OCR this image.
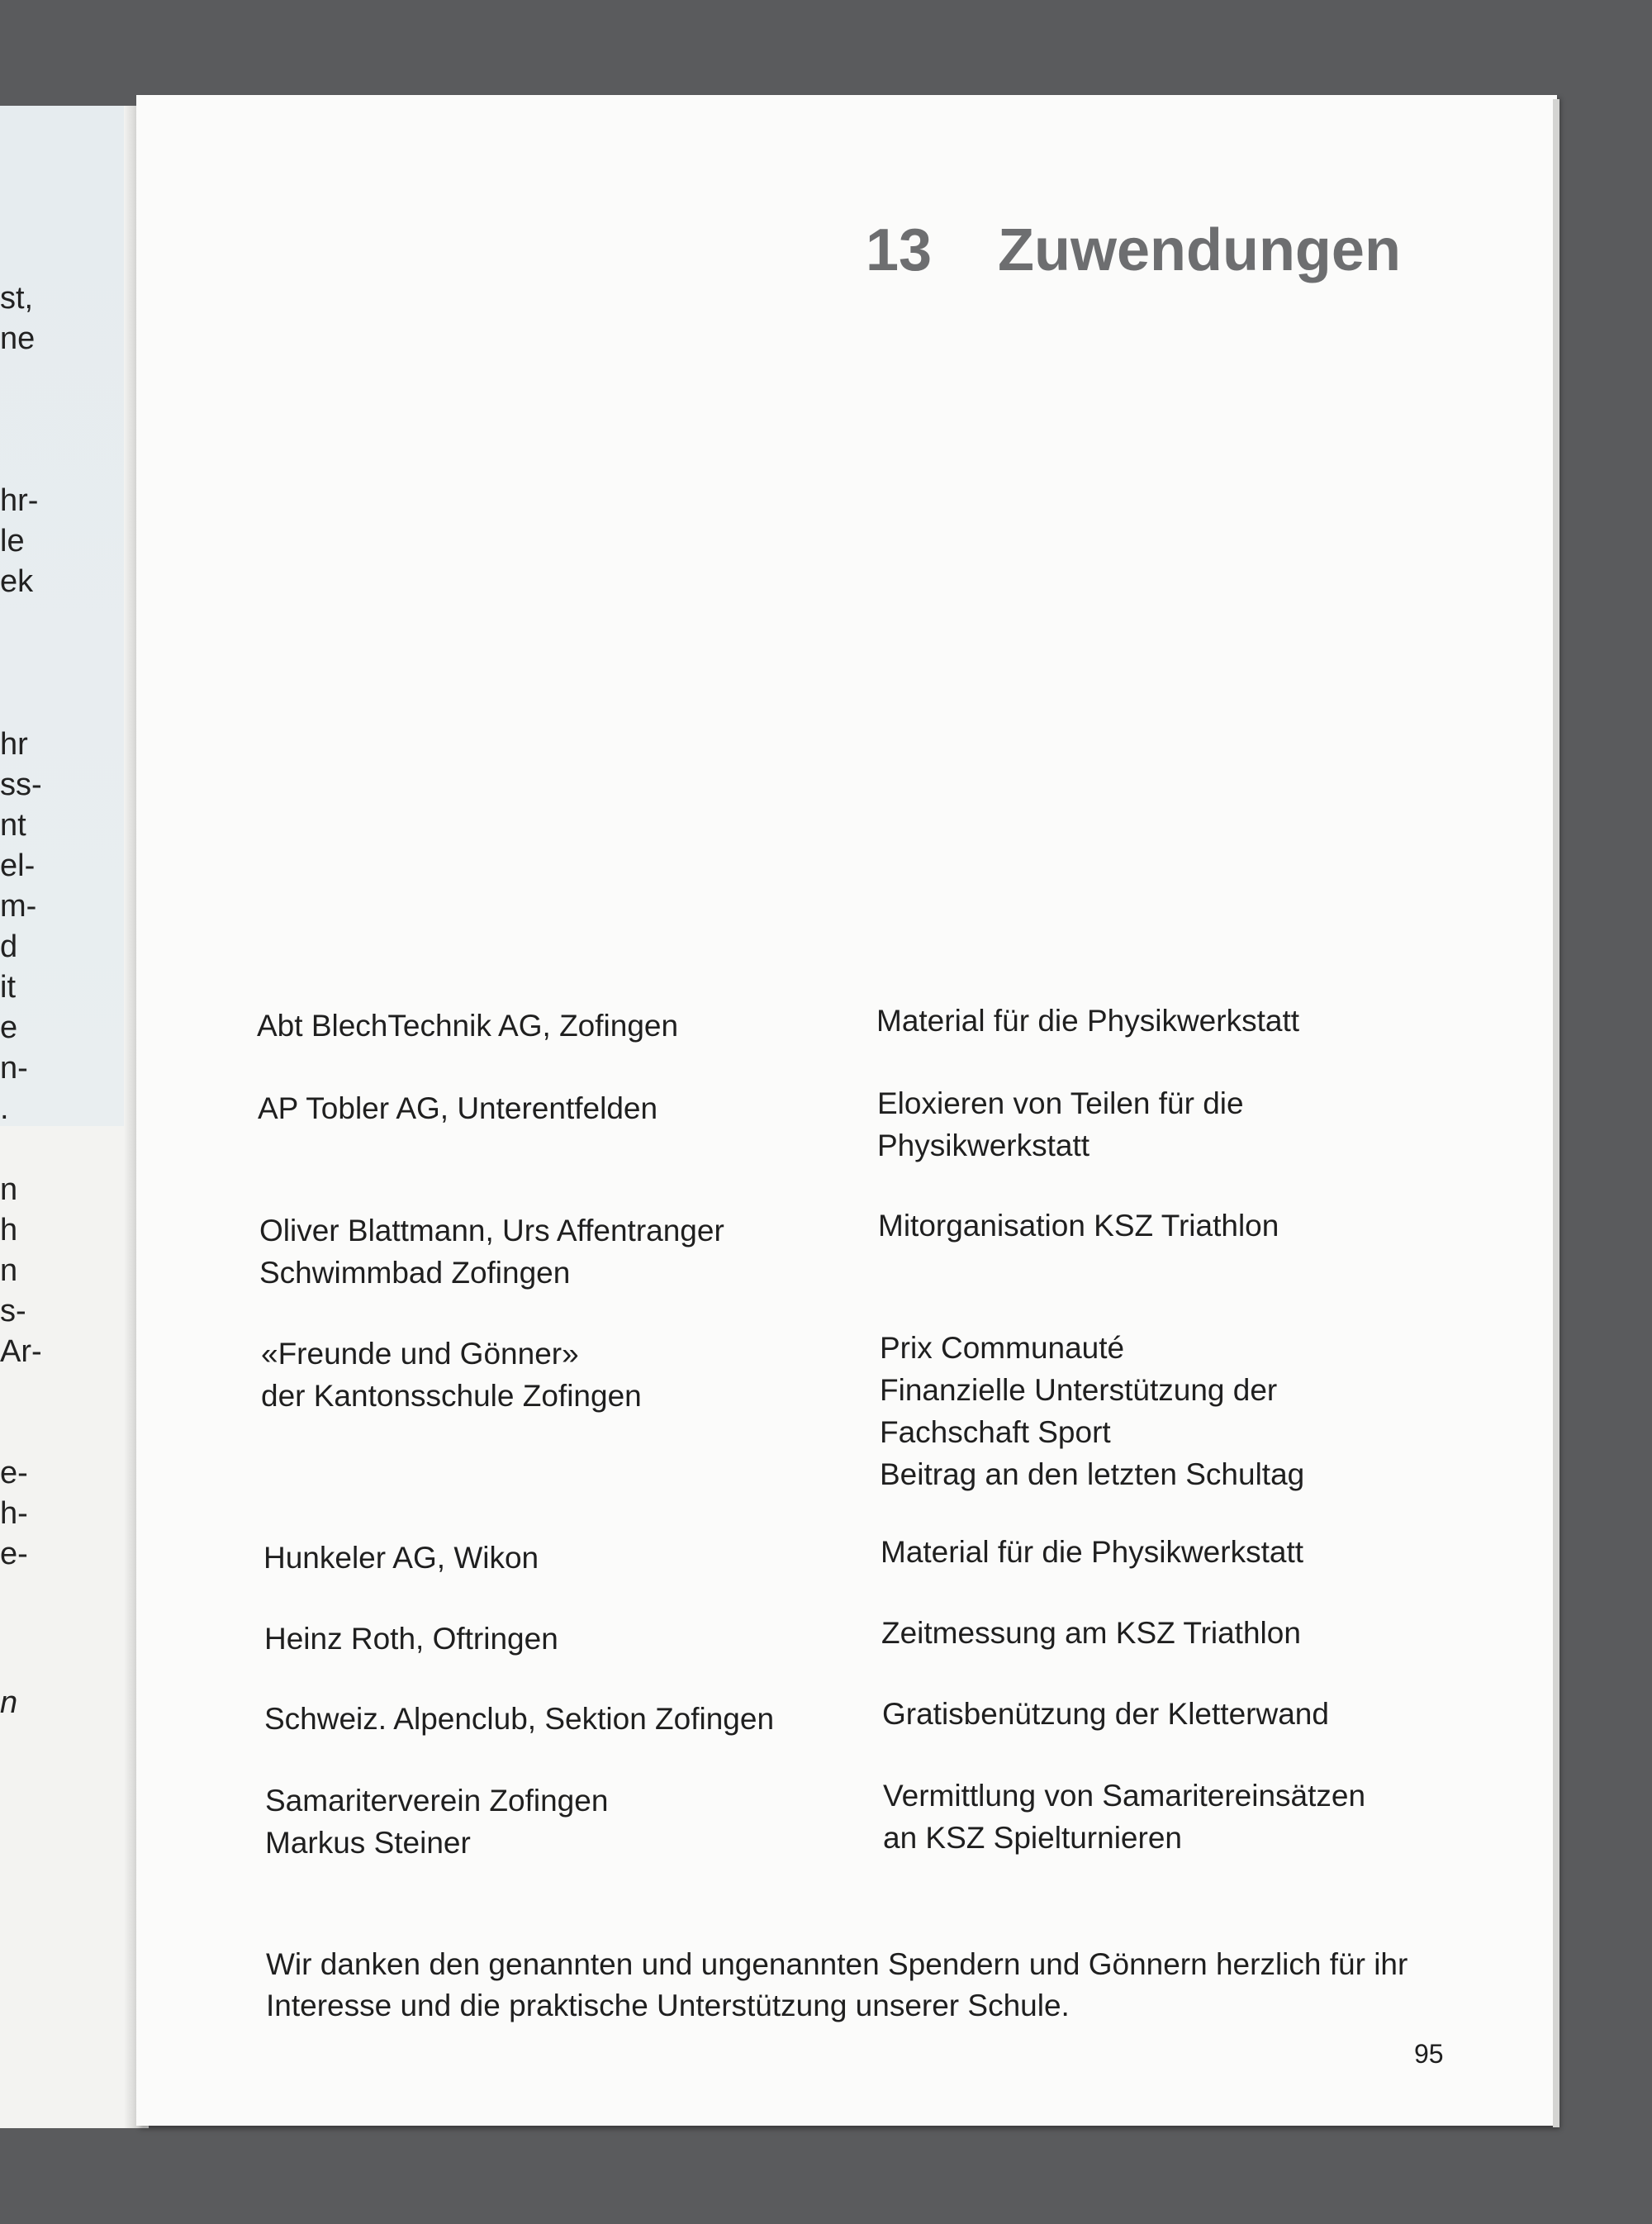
st,
ne
hr-
le
ek
hr
ss-
nt
el-
m-
d
it
e
n-
.
n
h
n
s-
Ar-
e-
h-
e-
n
13 Zuwendungen
Abt BlechTechnik AG, Zofingen
AP Tobler AG, Unterentfelden
Oliver Blattmann, Urs Affentranger
Schwimmbad Zofingen
«Freunde und Gönner»
der Kantonsschule Zofingen
Hunkeler AG, Wikon
Heinz Roth, Oftringen
Schweiz. Alpenclub, Sektion Zofingen
Samariterverein Zofingen
Markus Steiner
Material für die Physikwerkstatt
Eloxieren von Teilen für die
Physikwerkstatt
Mitorganisation KSZ Triathlon
Prix Communauté
Finanzielle Unterstützung der
Fachschaft Sport
Beitrag an den letzten Schultag
Material für die Physikwerkstatt
Zeitmessung am KSZ Triathlon
Gratisbenützung der Kletterwand
Vermittlung von Samaritereinsätzen
an KSZ Spielturnieren
Wir danken den genannten und ungenannten Spendern und Gönnern herzlich für ihr
Interesse und die praktische Unterstützung unserer Schule.
95
